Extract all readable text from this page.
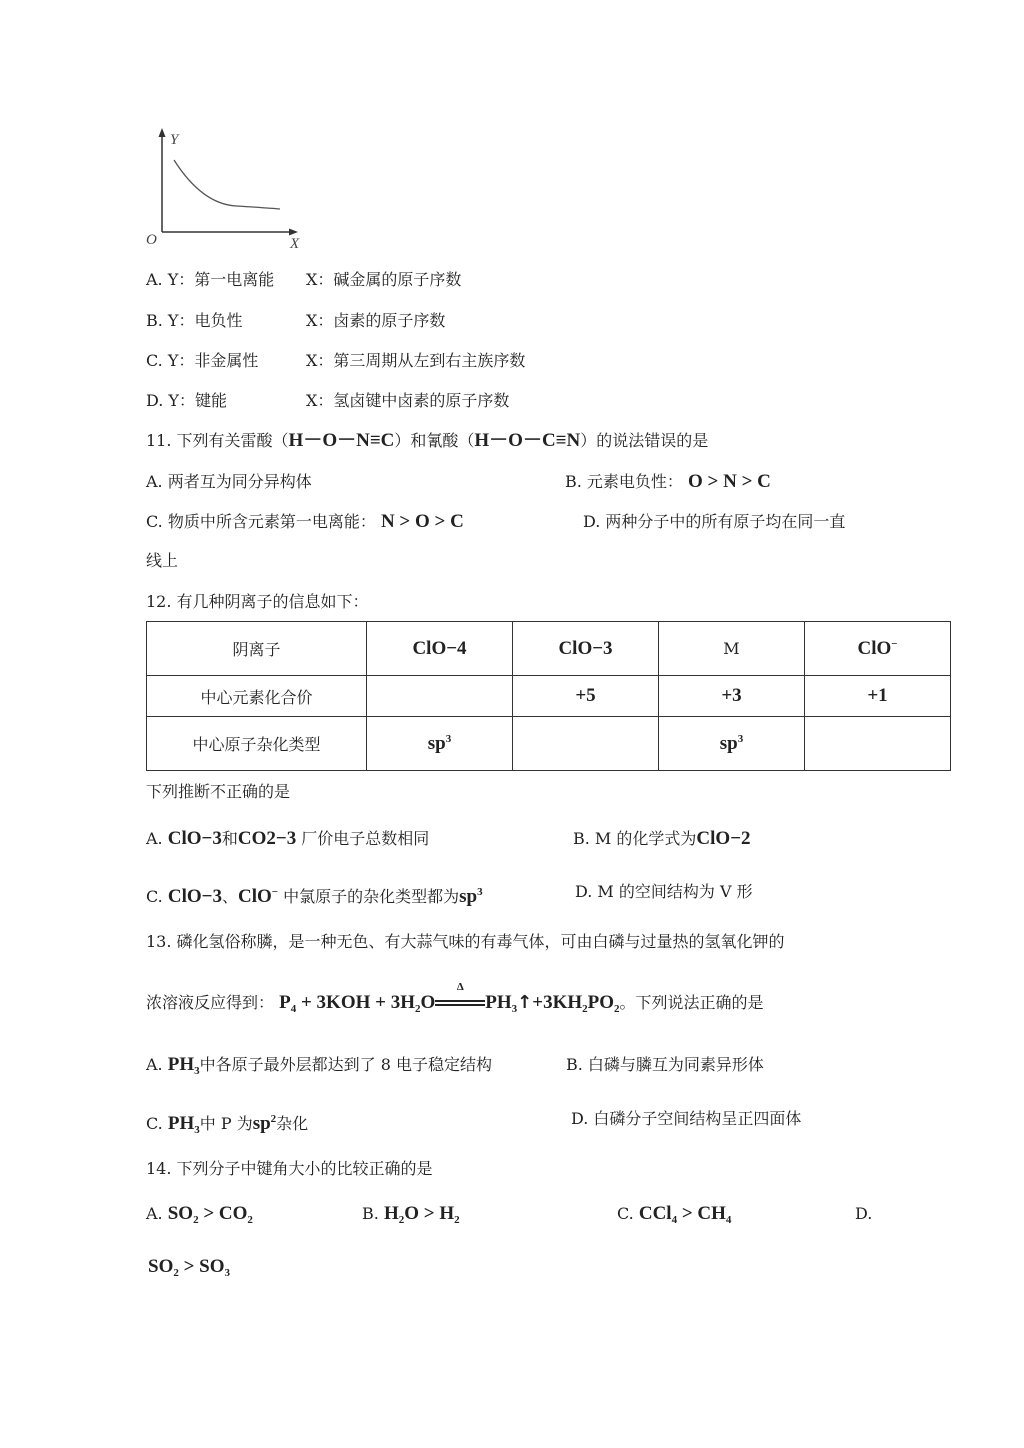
Y
O	X
A. Y：第一电离能 X：碱金属的原子序数
B. Y：电负性	X：卤素的原子序数
C. Y：非金属性	X：第三周期从左到右主族序数
D. Y：键能	X：氢卤键中卤素的原子序数
11. 下列有关雷酸（H－O－N≡C）和氰酸（H－O－C≡N）的说法错误的是
A. 两者互为同分异构体	B. 元素电负性： O > N > C
C. 物质中所含元素第一电离能： N > O > C	D. 两种分子中的所有原子均在同一直
线上
12. 有几种阴离子的信息如下：
阴离子	ClO−4	ClO−3	M	ClO−
中心元素化合价		+5	+3	+1
中心原子杂化类型	$sp^3$		$sp^3$	
下列推断不正确的是
A. ClO−3和CO2−3 厂价电子总数相同	B. M 的化学式为ClO−2
C. ClO−3、ClO− 中氯原子的杂化类型都为$sp^3$	D. M 的空间结构为 V 形
13. 磷化氢俗称膦，是一种无色、有大蒜气味的有毒气体，可由白磷与过量热的氢氧化钾的
浓溶液反应得到： $P_4 + 3KOH + 3H_2O$
Δ
$PH_3↑+3KH_2PO_2$。下列说法正确的是
A. $PH_3$中各原子最外层都达到了 8 电子稳定结构	B. 白磷与膦互为同素异形体
C. $PH_3$中 P 为$sp^2$杂化	D. 白磷分子空间结构呈正四面体
14. 下列分子中键角大小的比较正确的是
A. $SO_2 > CO_2$	B. $H_2O > H_2$	C. $CCl_4 > CH_4$	D.
$SO_2 > SO_3$
